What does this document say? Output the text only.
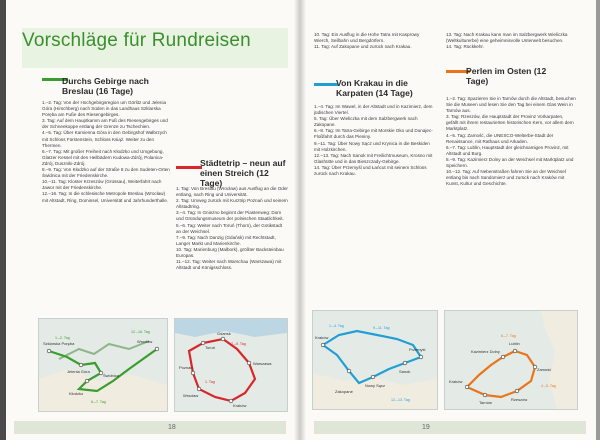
Vorschläge für Rundreisen
Durchs Gebirge nach Breslau (16 Tage)

1.–2. Tag: Von der Hochgebirgsregion um Görlitz und Jelenia Góra (Hirschberg) nach Süden in das Landhaus Szklarska Poręba am Fuße des Riesengebirges.

3. Tag: Auf dem Hauptkamm am Fuß des Riesengebirges und der Schneekoppe entlang der Grenze zu Tschechien.

4.–5. Tag: Über Kamienna Góra in den Gebirgshof Wałbrzych mit Schloss Fürstenstein, Schloss Książ. Weiter zu den Thermen.

6.–7. Tag: Mit großer Freiheit nach Kłodzko und Umgebung, Glatzer Kessel mit den Heilbädern Kudowa-Zdrój, Polanica-Zdrój, Duszniki-Zdrój.

8.–9. Tag: Von Kłodzko auf der Straße 8 zu den Sudeten-Orten Świdnica mit der Friedenskirche.

10.–11. Tag: Kloster Krzeszów (Grüssau), Weiterfahrt nach Jawor mit der Friedenskirche.

12.–16. Tag: In die schlesische Metropole Breslau (Wrocław) mit Altstadt, Ring, Dominsel, Universität und Jahrhunderthalle.

Städtetrip – neun auf einen Streich (12 Tage)

1. Tag: Von Breslau (Wrocław) aus Ausflug an die Oder entlang, nach Ring und Universität.

2. Tag: Umweg zurück mit Kurztrip Poznań und seinem Altstadtring.

3.–4. Tag: In Gniezno beginnt der Piastenweg: Dom und Gründungsmuseum der polnischen Staatlichkeit.

5.–6. Tag: Weiter nach Toruń (Thorn), der Gotikstadt an der Weichsel.

7.–9. Tag: Nach Danzig (Gdańsk) mit Rechtstadt, Langer Markt und Marienkirche.

10. Tag: Marienburg (Malbork), größter Backsteinbau Europas.

11.–12. Tag: Weiter nach Warschau (Warszawa) mit Altstadt und Königsschloss.

Szklarska Poręba
Jelenia Góra
Świdnica
Kłodzko
Wrocław
1.–2. Tag
6.–7. Tag
12.–16. Tag	Gdańsk
Toruń
Poznań
Warszawa
Wrocław
Kraków
7.–9. Tag
1. Tag
18

10. Tag: Ein Ausflug in die Hohe Tatra mit Kasprowy Wierch, Seilbahn und Bergdörfern.

11. Tag: Auf Zakopane und zurück nach Krakau.

Von Krakau in die Karpaten (14 Tage)

1.–4. Tag: Im Wawel, in der Altstadt und in Kazimierz, dem jüdischen Viertel.

5. Tag: Über Wieliczka mit dem Salzbergwerk nach Zakopane.

6.–8. Tag: Im Tatra-Gebirge mit Morskie Oko und Dunajec-Floßfahrt durch das Pieniny.

9.–11. Tag: Über Nowy Sącz und Krynica in die Beskiden mit Holzkirchen.

12.–13. Tag: Nach Sanok mit Freilichtmuseum, Krosno mit Glashütte und in das Bieszczady-Gebirge.

14. Tag: Über Przemyśl und Łańcut mit seinem Schloss zurück nach Krakau.

13. Tag: Nach Krakau kann man im Salzbergwerk Wieliczka (Weltkulturerbe) eine geheimnisvolle Unterwelt besuchen.

14. Tag: Rückkehr.

Perlen im Osten (12 Tage)

1.–2. Tag: Spazieren Sie in Tarnów durch die Altstadt, besuchen Sie die Museen und lesen Sie den Tag bei einem Glas Wein in Tarnów aus.

3. Tag: Rzeszów, die Hauptstadt der Provinz Vorkarpaten, gefällt mit ihrem restaurierten historischen Kern, vor allem dem Marktplatz.

4.–5. Tag: Zamość, die UNESCO-Welterbe-Stadt der Renaissance, mit Rathaus und Arkaden.

6.–7. Tag: Lublin, Hauptstadt der gleichnamigen Provinz, mit Altstadt und Burg.

8.–9. Tag: Kazimierz Dolny an der Weichsel mit Marktplatz und Speichern.

10.–12. Tag: Auf Nebenstraßen fahren Sie an der Weichsel entlang bis nach Sandomierz und zurück nach Kraków mit Kunst, Kultur und Geschichte.

Kraków
Zakopane
Nowy Sącz
Sanok
Przemyśl
1.–4. Tag	9.–11. Tag
12.–13. Tag
Lublin
Kazimierz Dolny
Zamość
Rzeszów
Tarnów
Kraków
6.–7. Tag
4.–5. Tag
19
